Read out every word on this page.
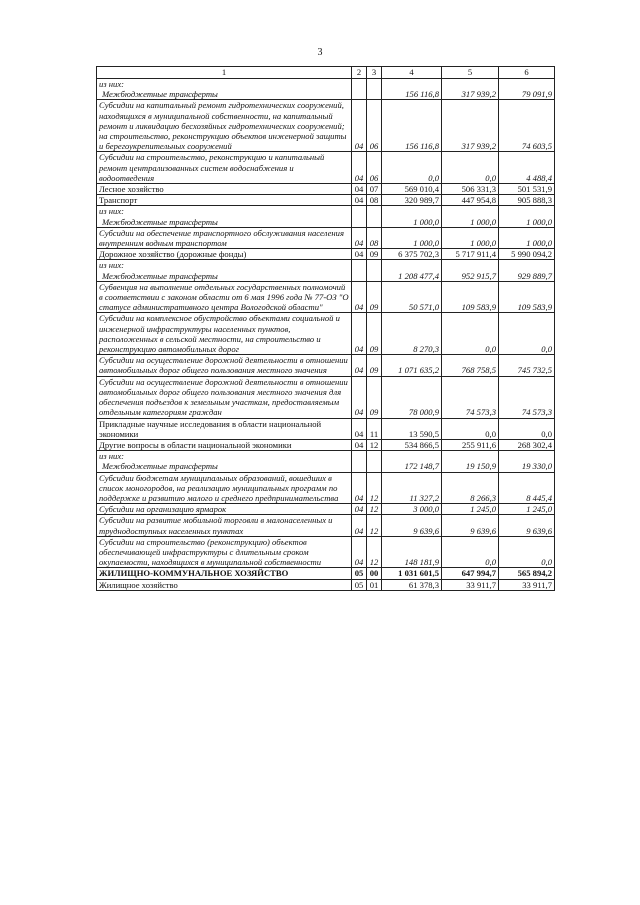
3
1	2	3	4	5	6

из них:
Межбюджетные трансферты			156 116,8	317 939,2	79 091,9
Субсидии на капитальный ремонт гидротехнических сооружений, находящихся в муниципальной собственности, на капитальный ремонт и ликвидацию бесхозяйных гидротехнических сооружений; на строительство, реконструкцию объектов инженерной защиты и берегоукрепительных сооружений	04	06	156 116,8	317 939,2	74 603,5
Субсидии на строительство, реконструкцию и капитальный ремонт централизованных систем водоснабжения и водоотведения	04	06	0,0	0,0	4 488,4
Лесное хозяйство	04	07	569 010,4	506 331,3	501 531,9
Транспорт	04	08	320 989,7	447 954,8	905 888,3

из них:
Межбюджетные трансферты			1 000,0	1 000,0	1 000,0
Субсидии на обеспечение транспортного обслуживания населения внутренним водным транспортом	04	08	1 000,0	1 000,0	1 000,0
Дорожное хозяйство (дорожные фонды)	04	09	6 375 702,3	5 717 911,4	5 990 094,2

из них:
Межбюджетные трансферты			1 208 477,4	952 915,7	929 889,7
Субвенция на выполнение отдельных государственных полномочий в соответствии с законом области от 6 мая 1996 года № 77-ОЗ "О статусе административного центра Вологодской области"	04	09	50 571,0	109 583,9	109 583,9
Субсидии на комплексное обустройство объектами социальной и инженерной инфраструктуры населенных пунктов, расположенных в сельской местности, на строительство и реконструкцию автомобильных дорог	04	09	8 270,3	0,0	0,0
Субсидии на осуществление дорожной деятельности в отношении автомобильных дорог общего пользования местного значения	04	09	1 071 635,2	768 758,5	745 732,5
Субсидии на осуществление дорожной деятельности в отношении автомобильных дорог общего пользования местного значения для обеспечения подъездов к земельным участкам, предоставляемым отдельным категориям граждан	04	09	78 000,9	74 573,3	74 573,3
Прикладные научные исследования в области национальной экономики	04	11	13 590,5	0,0	0,0
Другие вопросы в области национальной экономики	04	12	534 866,5	255 911,6	268 302,4

из них:
Межбюджетные трансферты			172 148,7	19 150,9	19 330,0
Субсидии бюджетам муниципальных образований, вошедших в список моногородов, на реализацию муниципальных программ по поддержке и развитию малого и среднего предпринимательства	04	12	11 327,2	8 266,3	8 445,4
Субсидии на организацию ярмарок	04	12	3 000,0	1 245,0	1 245,0
Субсидии на развитие мобильной торговли в малонаселенных и труднодоступных населенных пунктах	04	12	9 639,6	9 639,6	9 639,6
Субсидии на строительство (реконструкцию) объектов обеспечивающей инфраструктуры с длительным сроком окупаемости, находящихся в муниципальной собственности	04	12	148 181,9	0,0	0,0
ЖИЛИЩНО-КОММУНАЛЬНОЕ ХОЗЯЙСТВО	05	00	1 031 601,5	647 994,7	565 894,2
Жилищное хозяйство	05	01	61 378,3	33 911,7	33 911,7
